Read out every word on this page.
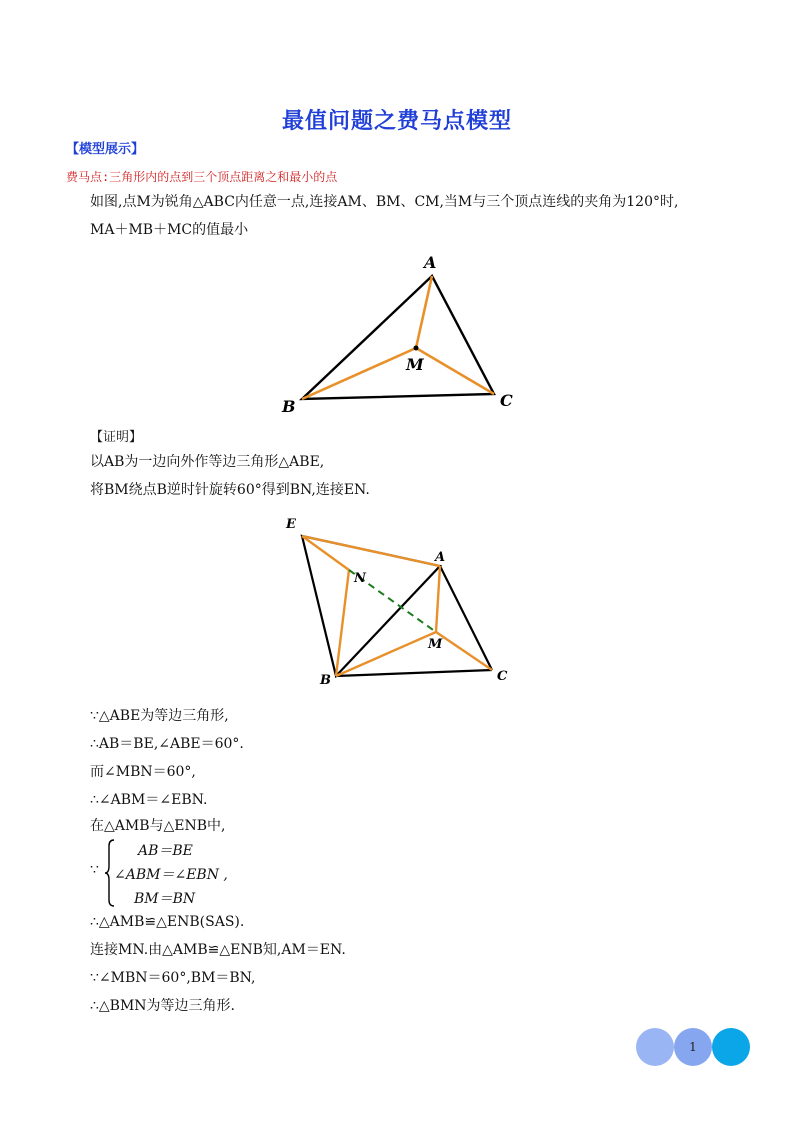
最值问题之费马点模型
【模型展示】
费马点:三角形内的点到三个顶点距离之和最小的点
如图,点M为锐角△ABC内任意一点,连接AM、BM、CM,当M与三个顶点连线的夹角为120°时,
MA＋MB＋MC的值最小
A
B	C
M
【证明】
以AB为一边向外作等边三角形△ABE,
将BM绕点B逆时针旋转60°得到BN,连接EN.
E
A
N
M
B	C
∵△ABE为等边三角形,
∴AB＝BE,∠ABE＝60°.
而∠MBN＝60°,
∴∠ABM＝∠EBN.
在△AMB与△ENB中,
∵
AB＝BE
∠ABM＝∠EBN ,
BM＝BN
∴△AMB≌△ENB(SAS).
连接MN.由△AMB≌△ENB知,AM＝EN.
∵∠MBN＝60°,BM＝BN,
∴△BMN为等边三角形.
1
